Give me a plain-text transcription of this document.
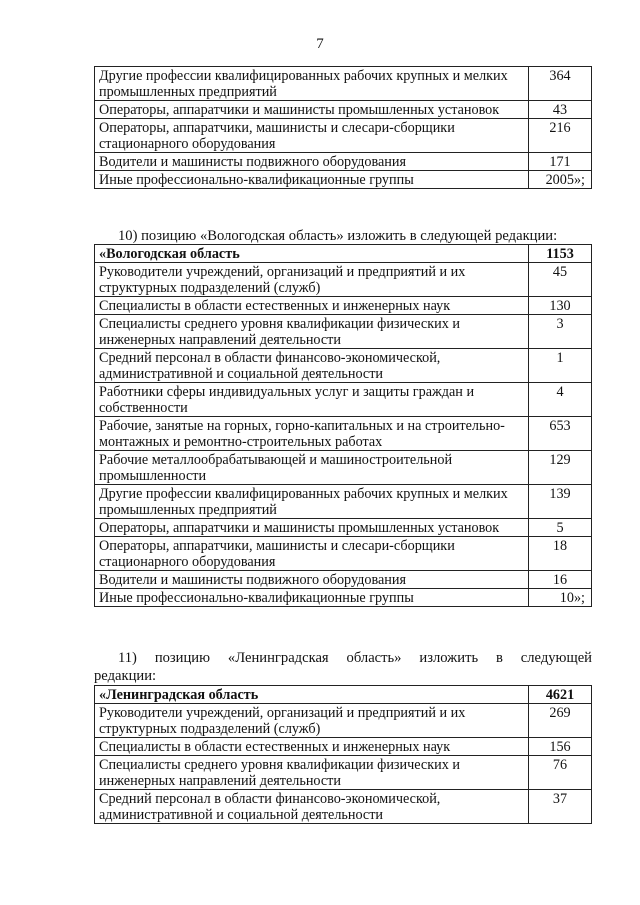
7
Другие профессии квалифицированных рабочих крупных и мелких промышленных предприятий	364
Операторы, аппаратчики и машинисты промышленных установок	43
Операторы, аппаратчики, машинисты и слесари-сборщики стационарного оборудования	216
Водители и машинисты подвижного оборудования	171
Иные профессионально-квалификационные группы	2005»;
10) позицию «Вологодская область» изложить в следующей редакции:
«Вологодская область	1153
Руководители учреждений, организаций и предприятий и их структурных подразделений (служб)	45
Специалисты в области естественных и инженерных наук	130
Специалисты среднего уровня квалификации физических и инженерных направлений деятельности	3
Средний персонал в области финансово-экономической, административной и социальной деятельности	1
Работники сферы индивидуальных услуг и защиты граждан и собственности	4
Рабочие, занятые на горных, горно-капитальных и на строительно-монтажных и ремонтно-строительных работах	653
Рабочие металлообрабатывающей и машиностроительной промышленности	129
Другие профессии квалифицированных рабочих крупных и мелких промышленных предприятий	139
Операторы, аппаратчики и машинисты промышленных установок	5
Операторы, аппаратчики, машинисты и слесари-сборщики стационарного оборудования	18
Водители и машинисты подвижного оборудования	16
Иные профессионально-квалификационные группы	10»;
11) позицию «Ленинградская область» изложить в следующей
редакции:
«Ленинградская область	4621
Руководители учреждений, организаций и предприятий и их структурных подразделений (служб)	269
Специалисты в области естественных и инженерных наук	156
Специалисты среднего уровня квалификации физических и инженерных направлений деятельности	76
Средний персонал в области финансово-экономической, административной и социальной деятельности	37
